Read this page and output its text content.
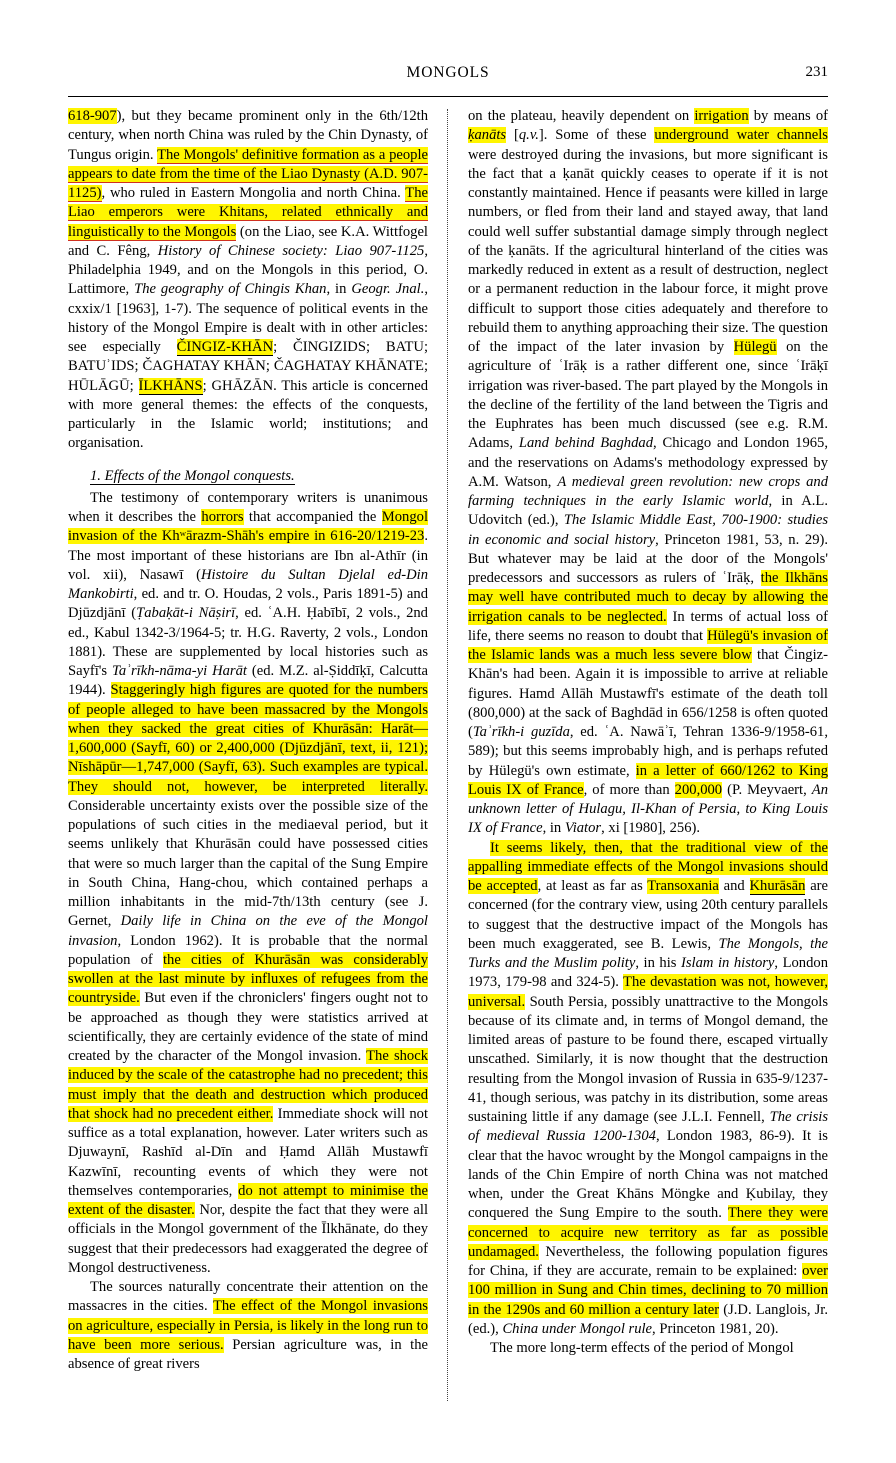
MONGOLS	231

618-907), but they became prominent only in the 6th/12th century, when north China was ruled by the Chin Dynasty, of Tungus origin. The Mongols' definitive formation as a people appears to date from the time of the Liao Dynasty (A.D. 907-1125), who ruled in Eastern Mongolia and north China. The Liao emperors were Khitans, related ethnically and linguistically to the Mongols (on the Liao, see K.A. Wittfogel and C. Fêng, History of Chinese society: Liao 907-1125, Philadelphia 1949, and on the Mongols in this period, O. Lattimore, The geography of Chingis Khan, in Geogr. Jnal., cxxix/1 [1963], 1-7). The sequence of political events in the history of the Mongol Empire is dealt with in other articles: see especially ČINGIZ-KHĀN; ČINGIZIDS; BATU; BATUʾIDS; ČAGHATAY KHĀN; ČAGHATAY KHĀNATE; HŪLĀGŪ; ĪLKHĀNS; GHĀZĀN. This article is concerned with more general themes: the effects of the conquests, particularly in the Islamic world; institutions; and organisation.

1. Effects of the Mongol conquests.

The testimony of contemporary writers is unanimous when it describes the horrors that accompanied the Mongol invasion of the Khʷārazm-Shāh's empire in 616-20/1219-23. The most important of these historians are Ibn al-Athīr (in vol. xii), Nasawī (Histoire du Sultan Djelal ed-Din Mankobirti, ed. and tr. O. Houdas, 2 vols., Paris 1891-5) and Djūzdjānī (Ṭabaḳāt-i Nāṣirī, ed. ʿA.H. Ḥabībī, 2 vols., 2nd ed., Kabul 1342-3/1964-5; tr. H.G. Raverty, 2 vols., London 1881). These are supplemented by local histories such as Sayfī's Taʾrīkh-nāma-yi Harāt (ed. M.Z. al-Ṣiddīḳī, Calcutta 1944). Staggeringly high figures are quoted for the numbers of people alleged to have been massacred by the Mongols when they sacked the great cities of Khurāsān: Harāt—1,600,000 (Sayfī, 60) or 2,400,000 (Djūzdjānī, text, ii, 121); Nīshāpūr—1,747,000 (Sayfī, 63). Such examples are typical. They should not, however, be interpreted literally. Considerable uncertainty exists over the possible size of the populations of such cities in the mediaeval period, but it seems unlikely that Khurāsān could have possessed cities that were so much larger than the capital of the Sung Empire in South China, Hang-chou, which contained perhaps a million inhabitants in the mid-7th/13th century (see J. Gernet, Daily life in China on the eve of the Mongol invasion, London 1962). It is probable that the normal population of the cities of Khurāsān was considerably swollen at the last minute by influxes of refugees from the countryside. But even if the chroniclers' fingers ought not to be approached as though they were statistics arrived at scientifically, they are certainly evidence of the state of mind created by the character of the Mongol invasion. The shock induced by the scale of the catastrophe had no precedent; this must imply that the death and destruction which produced that shock had no precedent either. Immediate shock will not suffice as a total explanation, however. Later writers such as Djuwaynī, Rashīd al-Dīn and Ḥamd Allāh Mustawfī Kazwīnī, recounting events of which they were not themselves contemporaries, do not attempt to minimise the extent of the disaster. Nor, despite the fact that they were all officials in the Mongol government of the Īlkhānate, do they suggest that their predecessors had exaggerated the degree of Mongol destructiveness.

The sources naturally concentrate their attention on the massacres in the cities. The effect of the Mongol invasions on agriculture, especially in Persia, is likely in the long run to have been more serious. Persian agriculture was, in the absence of great rivers

on the plateau, heavily dependent on irrigation by means of ḳanāts [q.v.]. Some of these underground water channels were destroyed during the invasions, but more significant is the fact that a ḳanāt quickly ceases to operate if it is not constantly maintained. Hence if peasants were killed in large numbers, or fled from their land and stayed away, that land could well suffer substantial damage simply through neglect of the ḳanāts. If the agricultural hinterland of the cities was markedly reduced in extent as a result of destruction, neglect or a permanent reduction in the labour force, it might prove difficult to support those cities adequately and therefore to rebuild them to anything approaching their size. The question of the impact of the later invasion by Hülegü on the agriculture of ʿIrāḳ is a rather different one, since ʿIrāḳī irrigation was river-based. The part played by the Mongols in the decline of the fertility of the land between the Tigris and the Euphrates has been much discussed (see e.g. R.M. Adams, Land behind Baghdad, Chicago and London 1965, and the reservations on Adams's methodology expressed by A.M. Watson, A medieval green revolution: new crops and farming techniques in the early Islamic world, in A.L. Udovitch (ed.), The Islamic Middle East, 700-1900: studies in economic and social history, Princeton 1981, 53, n. 29). But whatever may be laid at the door of the Mongols' predecessors and successors as rulers of ʿIrāḳ, the Ilkhāns may well have contributed much to decay by allowing the irrigation canals to be neglected. In terms of actual loss of life, there seems no reason to doubt that Hülegü's invasion of the Islamic lands was a much less severe blow that Čingiz-Khān's had been. Again it is impossible to arrive at reliable figures. Hamd Allāh Mustawfī's estimate of the death toll (800,000) at the sack of Baghdād in 656/1258 is often quoted (Taʾrīkh-i guzīda, ed. ʿA. Nawāʾī, Tehran 1336-9/1958-61, 589); but this seems improbably high, and is perhaps refuted by Hülegü's own estimate, in a letter of 660/1262 to King Louis IX of France, of more than 200,000 (P. Meyvaert, An unknown letter of Hulagu, Il-Khan of Persia, to King Louis IX of France, in Viator, xi [1980], 256).

It seems likely, then, that the traditional view of the appalling immediate effects of the Mongol invasions should be accepted, at least as far as Transoxania and Khurāsān are concerned (for the contrary view, using 20th century parallels to suggest that the destructive impact of the Mongols has been much exaggerated, see B. Lewis, The Mongols, the Turks and the Muslim polity, in his Islam in history, London 1973, 179-98 and 324-5). The devastation was not, however, universal. South Persia, possibly unattractive to the Mongols because of its climate and, in terms of Mongol demand, the limited areas of pasture to be found there, escaped virtually unscathed. Similarly, it is now thought that the destruction resulting from the Mongol invasion of Russia in 635-9/1237-41, though serious, was patchy in its distribution, some areas sustaining little if any damage (see J.L.I. Fennell, The crisis of medieval Russia 1200-1304, London 1983, 86-9). It is clear that the havoc wrought by the Mongol campaigns in the lands of the Chin Empire of north China was not matched when, under the Great Khāns Möngke and Ḳubilay, they conquered the Sung Empire to the south. There they were concerned to acquire new territory as far as possible undamaged. Nevertheless, the following population figures for China, if they are accurate, remain to be explained: over 100 million in Sung and Chin times, declining to 70 million in the 1290s and 60 million a century later (J.D. Langlois, Jr. (ed.), China under Mongol rule, Princeton 1981, 20).

The more long-term effects of the period of Mongol
